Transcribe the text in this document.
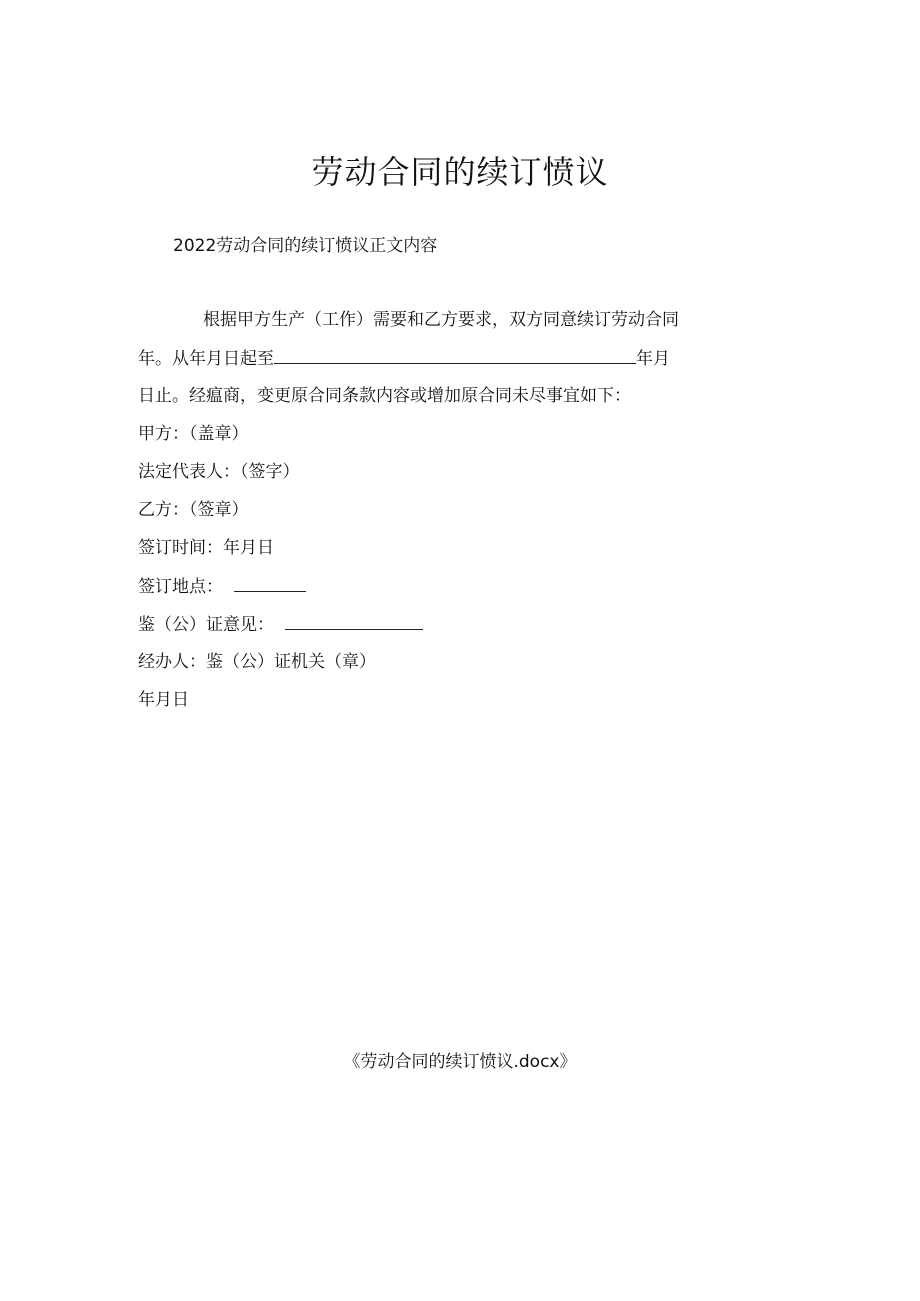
劳动合同的续订愤议
2022劳动合同的续订愤议正文内容
根据甲方生产（工作）需要和乙方要求，双方同意续订劳动合同
年。从年月日起至	年月
日止。经瘟商，变更原合同条款内容或增加原合同未尽事宜如下：
甲方：（盖章）
法定代表人：（签字）
乙方：（签章）
签订时间：年月日
签订地点：
鉴（公）证意见：
经办人：鉴（公）证机关（章）
年月日
《劳动合同的续订愤议.docx》
